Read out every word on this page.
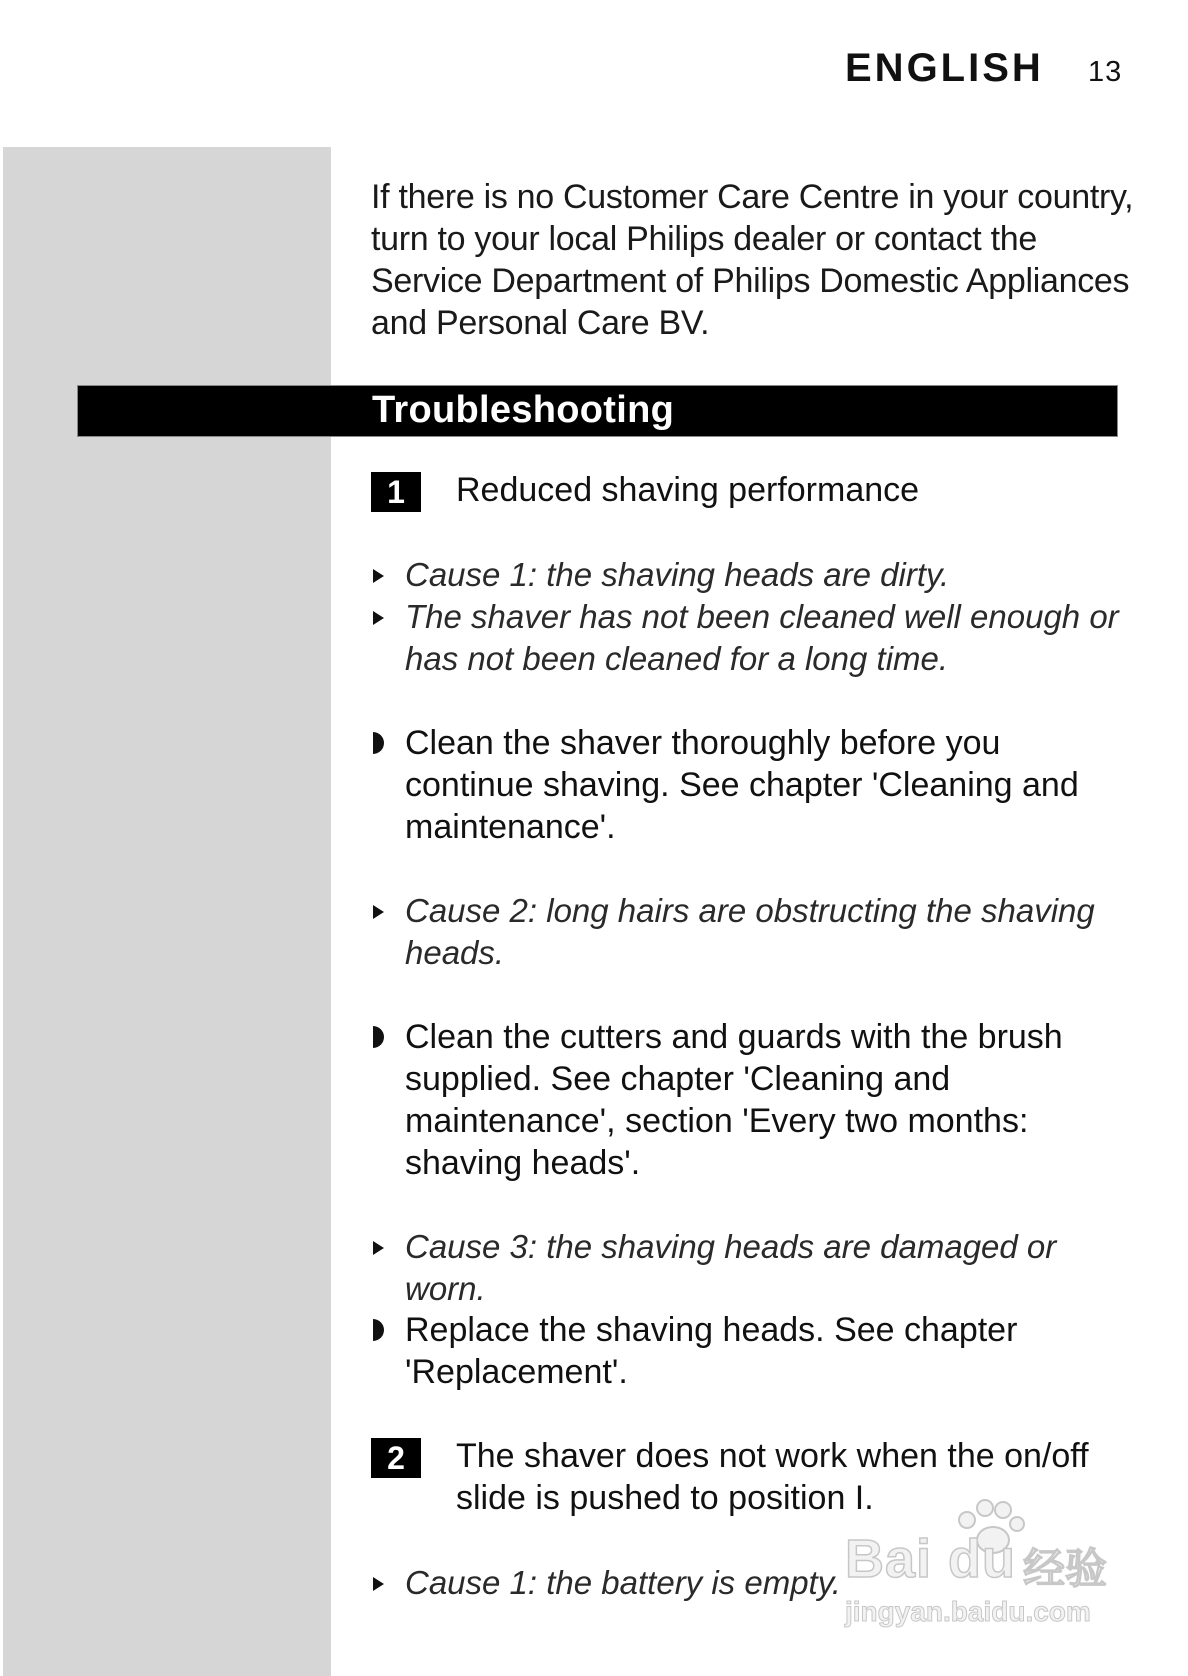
ENGLISH 13
If there is no Customer Care Centre in your country, turn to your local Philips dealer or contact the Service Department of Philips Domestic Appliances and Personal Care BV.
Troubleshooting
1	Reduced shaving performance
Cause 1: the shaving heads are dirty.
The shaver has not been cleaned well enough or has not been cleaned for a long time.
Clean the shaver thoroughly before you continue shaving. See chapter 'Cleaning and maintenance'.
Cause 2: long hairs are obstructing the shaving heads.
Clean the cutters and guards with the brush supplied. See chapter 'Cleaning and maintenance', section 'Every two months: shaving heads'.
Cause 3: the shaving heads are damaged or worn.
Replace the shaving heads. See chapter 'Replacement'.
2	The shaver does not work when the on/off slide is pushed to position I.
Cause 1: the battery is empty. Bai du 经验
jingyan.baidu.com
